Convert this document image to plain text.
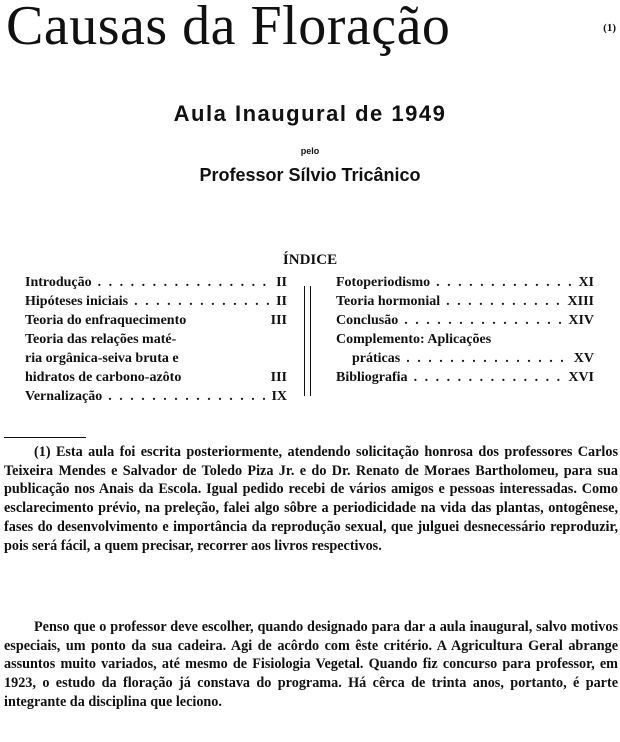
Causas da Floração	(1)
Aula Inaugural de 1949
pelo
Professor Sílvio Tricânico
ÍNDICE
Introdução . . .	II
Hipóteses iniciais . . .	II
Teoria do enfraquecimento	III
Teoria das relações maté-
ria orgânica-seiva bruta e
hidratos de carbono-azôto	III
Vernalização . . .	IX
Fotoperiodismo . . .	XI
Teoria hormonial . . .	XIII
Conclusão . . .	XIV
Complemento: Aplicações
práticas . . .	XV
Bibliografia . . .	XVI

(1) Esta aula foi escrita posteriormente, atendendo solicitação honrosa dos professores Carlos Teixeira Mendes e Salvador de Toledo Piza Jr. e do Dr. Renato de Moraes Bartholomeu, para sua publicação nos Anais da Escola. Igual pedido recebi de vários amigos e pessoas interessadas. Como esclarecimento prévio, na preleção, falei algo sôbre a periodicidade na vida das plantas, ontogênese, fases do desenvolvimento e importância da reprodução sexual, que julguei desnecessário reproduzir, pois será fácil, a quem precisar, recorrer aos livros respectivos.

Penso que o professor deve escolher, quando designado para dar a aula inaugural, salvo motivos especiais, um ponto da sua cadeira. Agi de acôrdo com êste critério. A Agricultura Geral abrange assuntos muito variados, até mesmo de Fisiologia Vegetal. Quando fiz concurso para professor, em 1923, o estudo da floração já constava do programa. Há cêrca de trinta anos, portanto, é parte integrante da disciplina que leciono.
